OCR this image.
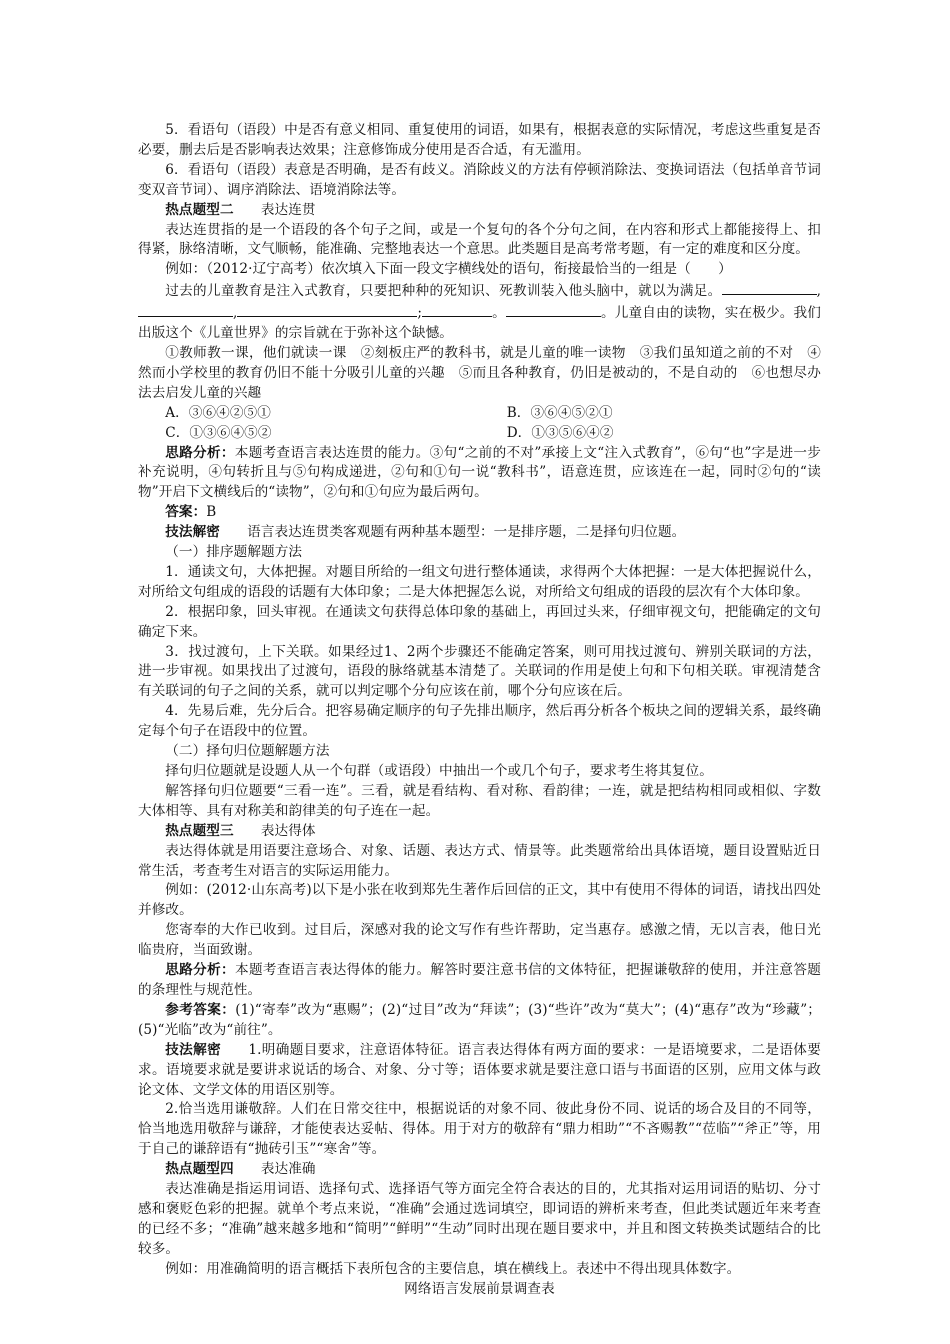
5．看语句（语段）中是否有意义相同、重复使用的词语，如果有，根据表意的实际情况，考虑这些重复是否必要，删去后是否影响表达效果；注意修饰成分使用是否合适，有无滥用。

6．看语句（语段）表意是否明确，是否有歧义。消除歧义的方法有停顿消除法、变换词语法（包括单音节词变双音节词）、调序消除法、语境消除法等。

热点题型二 表达连贯

表达连贯指的是一个语段的各个句子之间，或是一个复句的各个分句之间，在内容和形式上都能接得上、扣得紧，脉络清晰，文气顺畅，能准确、完整地表达一个意思。此类题目是高考常考题，有一定的难度和区分度。

例如：（2012·辽宁高考）依次填入下面一段文字横线处的语句，衔接最恰当的一组是（　　）

过去的儿童教育是注入式教育，只要把种种的死知识、死教训装入他头脑中，就以为满足。	,,	;	。	。儿童自由的读物，实在极少。我们出版这个《儿童世界》的宗旨就在于弥补这个缺憾。

①教师教一课，他们就读一课　②刻板庄严的教科书，就是儿童的唯一读物　③我们虽知道之前的不对　④然而小学校里的教育仍旧不能十分吸引儿童的兴趣　⑤而且各种教育，仍旧是被动的，不是自动的　⑥也想尽办法去启发儿童的兴趣

A．③⑥④②⑤①	B．③⑥④⑤②①
C．①③⑥④⑤②	D．①③⑤⑥④②

思路分析：本题考查语言表达连贯的能力。③句“之前的不对”承接上文“注入式教育”，⑥句“也”字是进一步补充说明，④句转折且与⑤句构成递进，②句和①句一说“教科书”，语意连贯，应该连在一起，同时②句的“读物”开启下文横线后的“读物”，②句和①句应为最后两句。

答案：B

技法解密 语言表达连贯类客观题有两种基本题型：一是排序题，二是择句归位题。

（一）排序题解题方法

1．通读文句，大体把握。对题目所给的一组文句进行整体通读，求得两个大体把握：一是大体把握说什么，对所给文句组成的语段的话题有大体印象；二是大体把握怎么说，对所给文句组成的语段的层次有个大体印象。

2．根据印象，回头审视。在通读文句获得总体印象的基础上，再回过头来，仔细审视文句，把能确定的文句确定下来。

3．找过渡句，上下关联。如果经过1、2两个步骤还不能确定答案，则可用找过渡句、辨别关联词的方法，进一步审视。如果找出了过渡句，语段的脉络就基本清楚了。关联词的作用是使上句和下句相关联。审视清楚含有关联词的句子之间的关系，就可以判定哪个分句应该在前，哪个分句应该在后。

4．先易后难，先分后合。把容易确定顺序的句子先排出顺序，然后再分析各个板块之间的逻辑关系，最终确定每个句子在语段中的位置。

（二）择句归位题解题方法

择句归位题就是设题人从一个句群（或语段）中抽出一个或几个句子，要求考生将其复位。

解答择句归位题要“三看一连”。三看，就是看结构、看对称、看韵律；一连，就是把结构相同或相似、字数大体相等、具有对称美和韵律美的句子连在一起。

热点题型三 表达得体

表达得体就是用语要注意场合、对象、话题、表达方式、情景等。此类题常给出具体语境，题目设置贴近日常生活，考查考生对语言的实际运用能力。

例如：(2012·山东高考)以下是小张在收到郑先生著作后回信的正文，其中有使用不得体的词语，请找出四处并修改。

您寄奉的大作已收到。过目后，深感对我的论文写作有些许帮助，定当惠存。感激之情，无以言表，他日光临贵府，当面致谢。

思路分析：本题考查语言表达得体的能力。解答时要注意书信的文体特征，把握谦敬辞的使用，并注意答题的条理性与规范性。

参考答案：(1)“寄奉”改为“惠赐”；(2)“过目”改为“拜读”；(3)“些许”改为“莫大”；(4)“惠存”改为“珍藏”；(5)“光临”改为“前往”。

技法解密 1.明确题目要求，注意语体特征。语言表达得体有两方面的要求：一是语境要求，二是语体要求。语境要求就是要讲求说话的场合、对象、分寸等；语体要求就是要注意口语与书面语的区别，应用文体与政论文体、文学文体的用语区别等。

2.恰当选用谦敬辞。人们在日常交往中，根据说话的对象不同、彼此身份不同、说话的场合及目的不同等，恰当地选用敬辞与谦辞，才能使表达妥帖、得体。用于对方的敬辞有“鼎力相助”“不吝赐教”“莅临”“斧正”等，用于自己的谦辞语有“抛砖引玉”“寒舍”等。

热点题型四 表达准确

表达准确是指运用词语、选择句式、选择语气等方面完全符合表达的目的，尤其指对运用词语的贴切、分寸感和褒贬色彩的把握。就单个考点来说，“准确”会通过选词填空，即词语的辨析来考查，但此类试题近年来考查的已经不多；“准确”越来越多地和“简明”“鲜明”“生动”同时出现在题目要求中，并且和图文转换类试题结合的比较多。

例如：用准确简明的语言概括下表所包含的主要信息，填在横线上。表述中不得出现具体数字。

网络语言发展前景调查表
